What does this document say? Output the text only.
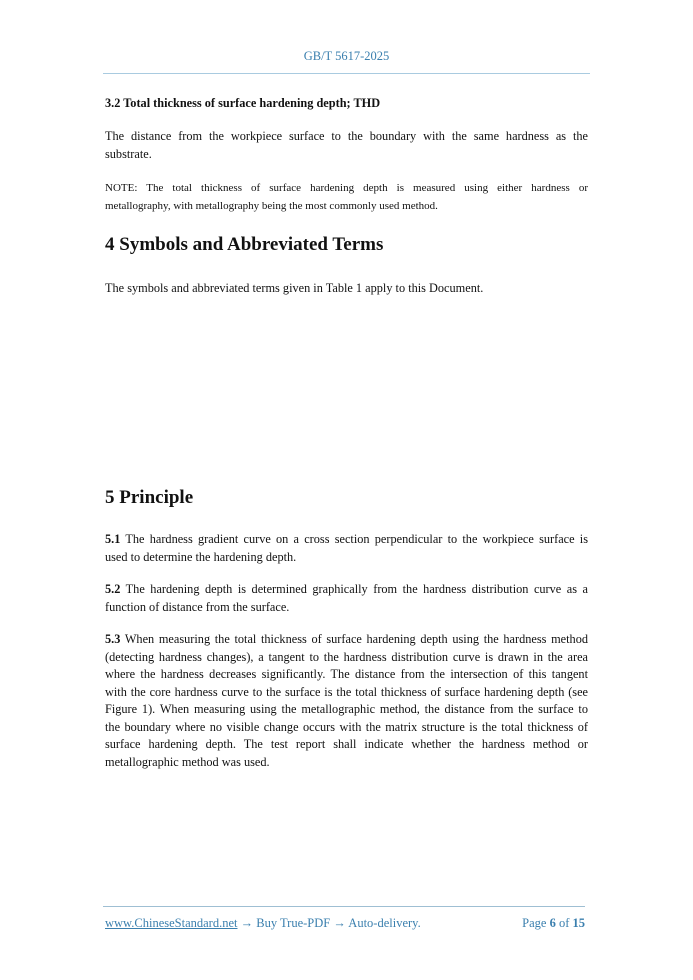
GB/T 5617-2025
3.2 Total thickness of surface hardening depth; THD
The distance from the workpiece surface to the boundary with the same hardness as the
substrate.
NOTE: The total thickness of surface hardening depth is measured using either hardness or
metallography, with metallography being the most commonly used method.
4 Symbols and Abbreviated Terms
The symbols and abbreviated terms given in Table 1 apply to this Document.
5 Principle
5.1 The hardness gradient curve on a cross section perpendicular to the workpiece surface is
used to determine the hardening depth.
5.2 The hardening depth is determined graphically from the hardness distribution curve as a
function of distance from the surface.
5.3 When measuring the total thickness of surface hardening depth using the hardness method
(detecting hardness changes), a tangent to the hardness distribution curve is drawn in the area
where the hardness decreases significantly. The distance from the intersection of this tangent
with the core hardness curve to the surface is the total thickness of surface hardening depth (see
Figure 1). When measuring using the metallographic method, the distance from the surface to
the boundary where no visible change occurs with the matrix structure is the total thickness of
surface hardening depth. The test report shall indicate whether the hardness method or
metallographic method was used.
www.ChineseStandard.net → Buy True-PDF → Auto-delivery.	Page 6 of 15
